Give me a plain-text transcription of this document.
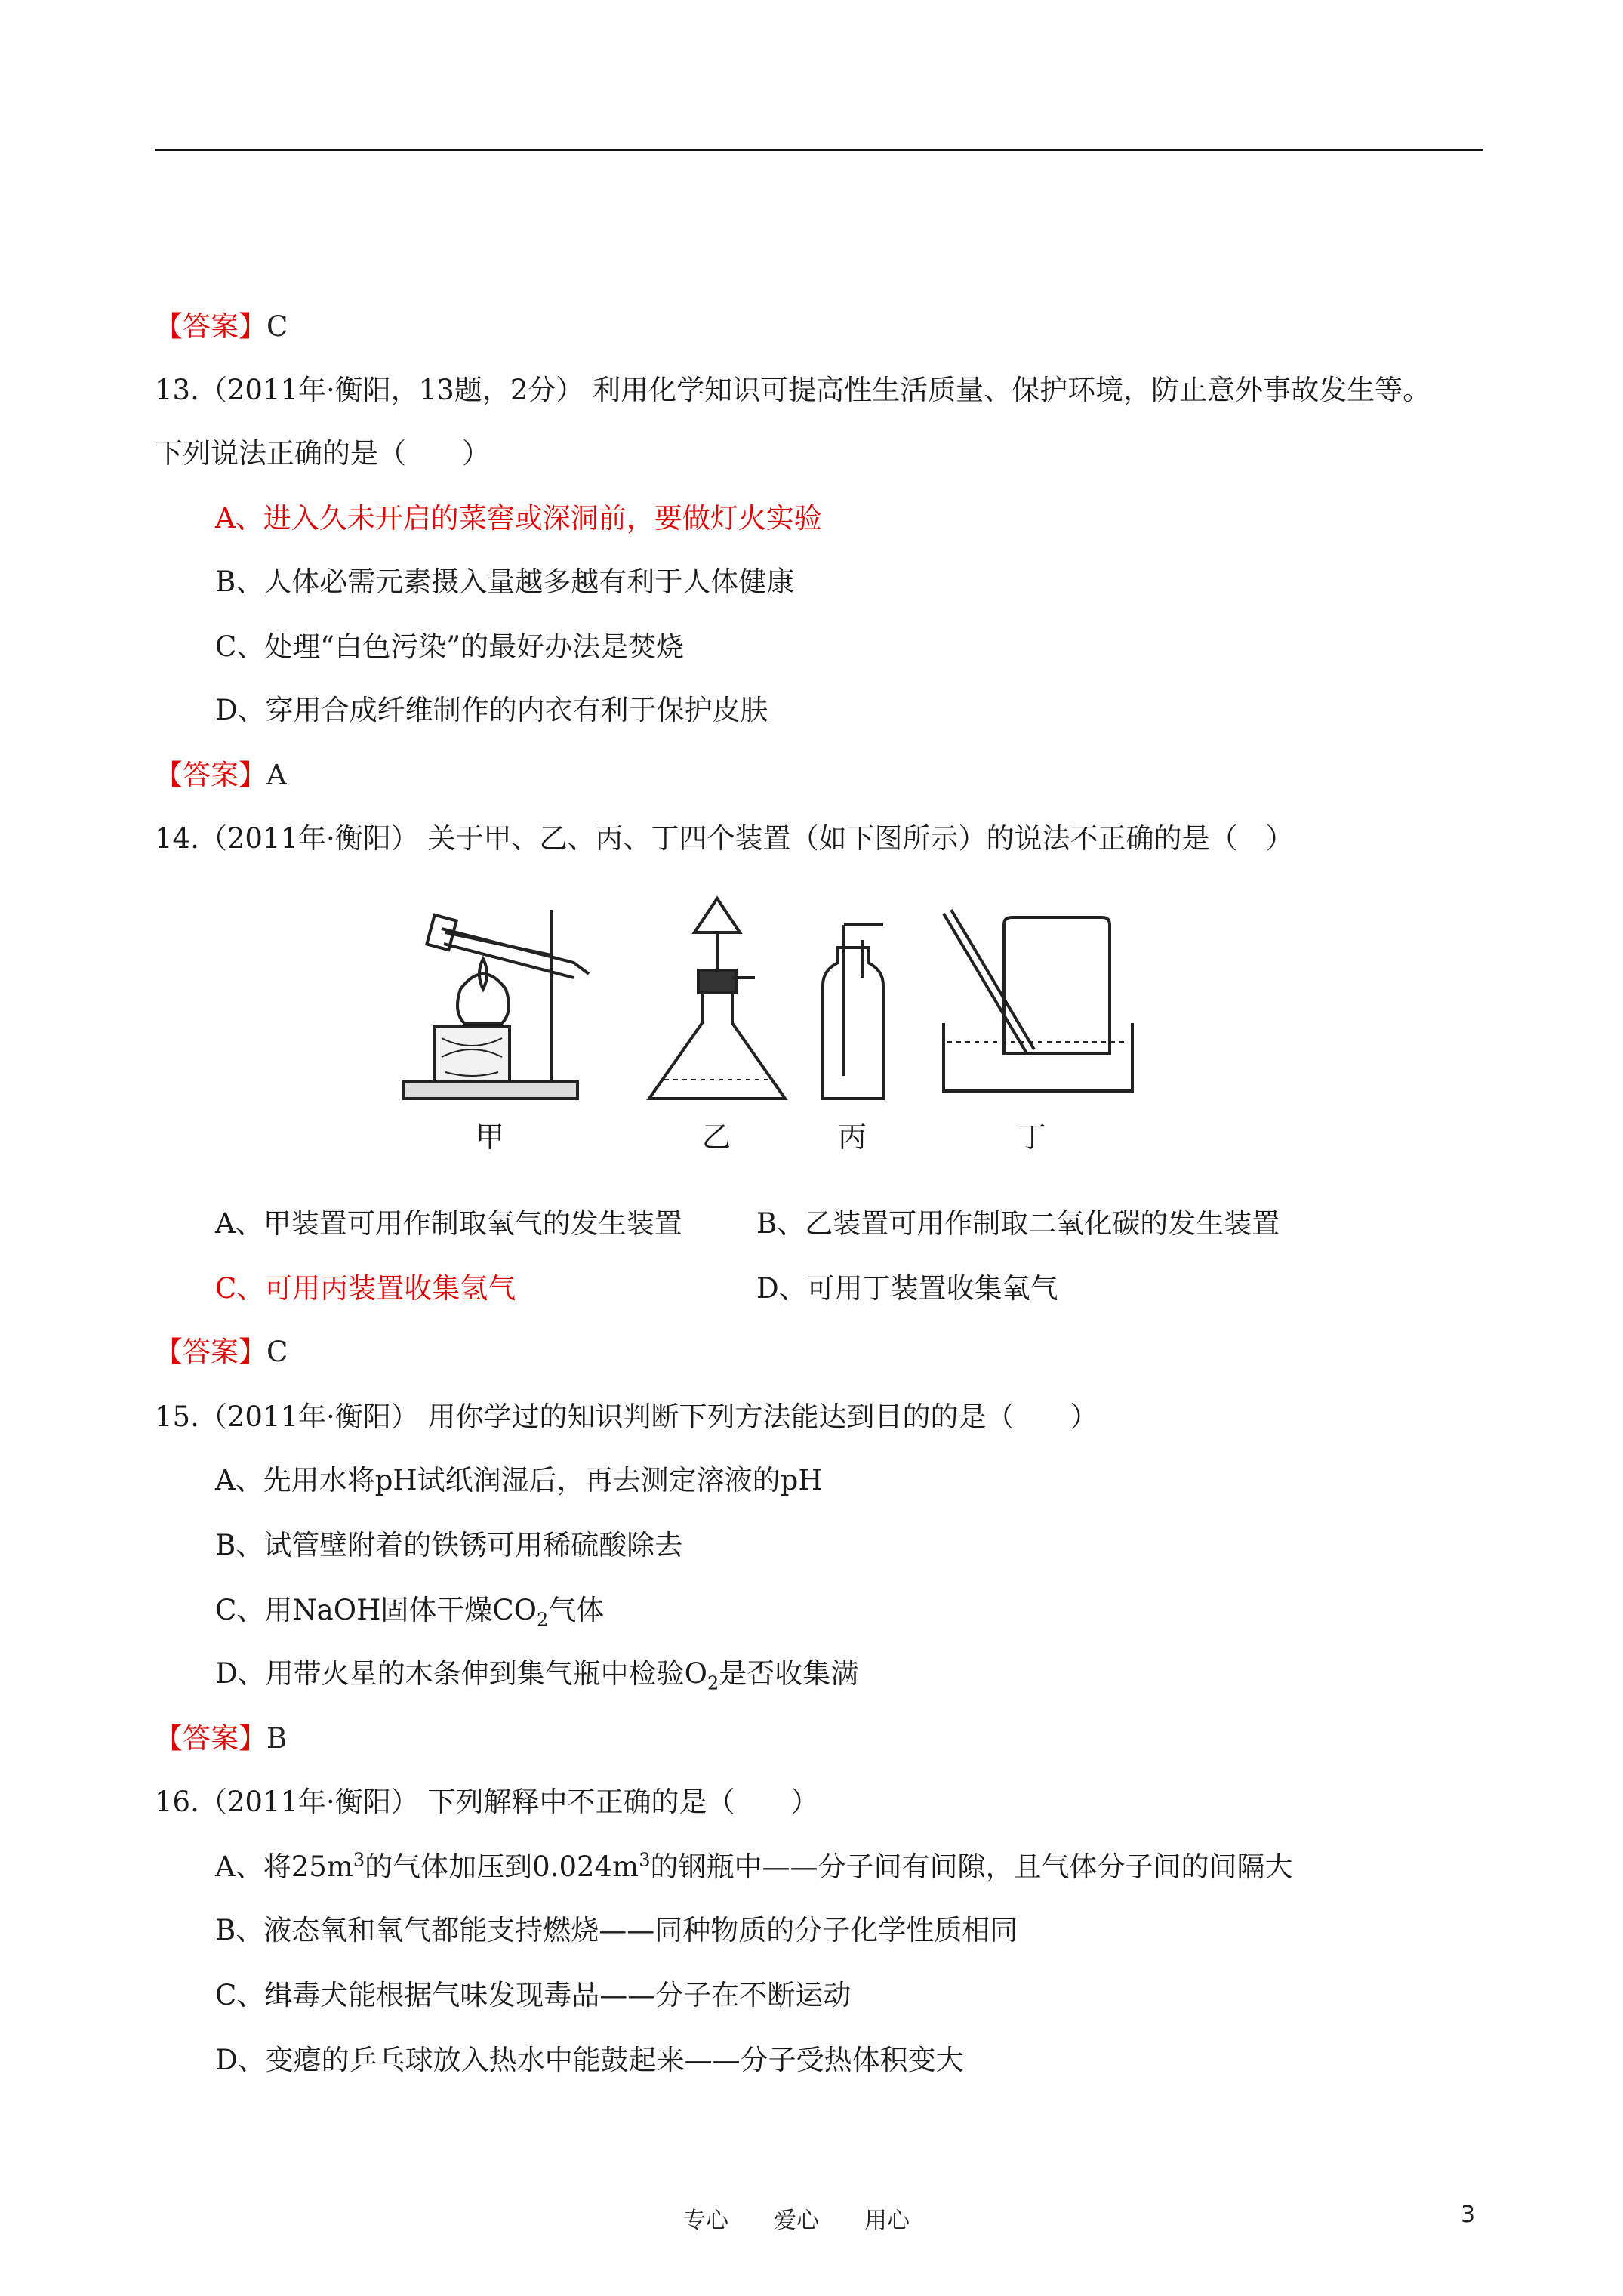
【答案】C
13.（2011年·衡阳，13题，2分） 利用化学知识可提高性生活质量、保护环境，防止意外事故发生等。
下列说法正确的是（　　）
A、进入久未开启的菜窖或深洞前，要做灯火实验
B、人体必需元素摄入量越多越有利于人体健康
C、处理“白色污染”的最好办法是焚烧
D、穿用合成纤维制作的内衣有利于保护皮肤
【答案】A
14.（2011年·衡阳） 关于甲、乙、丙、丁四个装置（如下图所示）的说法不正确的是（　）
甲	乙	丙	丁
A、甲装置可用作制取氧气的发生装置	B、乙装置可用作制取二氧化碳的发生装置
C、可用丙装置收集氢气	D、可用丁装置收集氧气
【答案】C
15.（2011年·衡阳） 用你学过的知识判断下列方法能达到目的的是（　　）
A、先用水将pH试纸润湿后，再去测定溶液的pH
B、试管壁附着的铁锈可用稀硫酸除去
C、用NaOH固体干燥$CO_2$气体
D、用带火星的木条伸到集气瓶中检验$O_2$是否收集满
【答案】B
16.（2011年·衡阳） 下列解释中不正确的是（　　）
A、将$25m^3$的气体加压到$0.024m^3$的钢瓶中——分子间有间隙，且气体分子间的间隔大
B、液态氧和氧气都能支持燃烧——同种物质的分子化学性质相同
C、缉毒犬能根据气味发现毒品——分子在不断运动
D、变瘪的乒乓球放入热水中能鼓起来——分子受热体积变大
专心　　爱心　　用心	3
